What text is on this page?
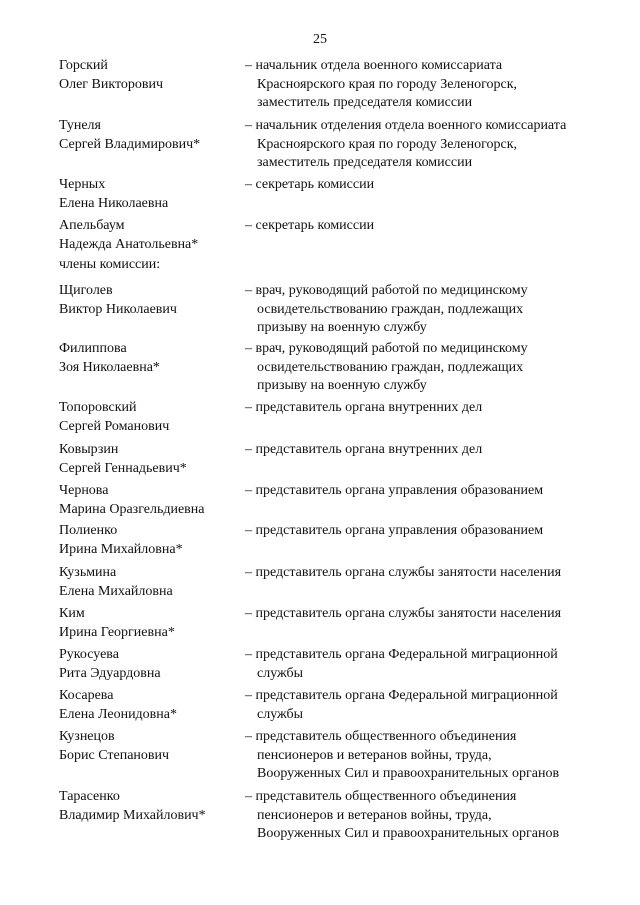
25
члены комиссии:
Горский
Олег Викторович
– начальник отдела военного комиссариата
Красноярского края по городу Зеленогорск,
заместитель председателя комиссии
Тунеля
Сергей Владимирович*
– начальник отделения отдела военного комиссариата
Красноярского края по городу Зеленогорск,
заместитель председателя комиссии
Черных
Елена Николаевна
– секретарь комиссии
Апельбаум
Надежда Анатольевна*
– секретарь комиссии
Щиголев
Виктор Николаевич
– врач, руководящий работой по медицинскому
освидетельствованию граждан, подлежащих
призыву на военную службу
Филиппова
Зоя Николаевна*
– врач, руководящий работой по медицинскому
освидетельствованию граждан, подлежащих
призыву на военную службу
Топоровский
Сергей Романович
– представитель органа внутренних дел
Ковырзин
Сергей Геннадьевич*
– представитель органа внутренних дел
Чернова
Марина Оразгельдиевна
– представитель органа управления образованием
Полиенко
Ирина Михайловна*
– представитель органа управления образованием
Кузьмина
Елена Михайловна
– представитель органа службы занятости населения
Ким
Ирина Георгиевна*
– представитель органа службы занятости населения
Рукосуева
Рита Эдуардовна
– представитель органа Федеральной миграционной
службы
Косарева
Елена Леонидовна*
– представитель органа Федеральной миграционной
службы
Кузнецов
Борис Степанович
– представитель общественного объединения
пенсионеров и ветеранов войны, труда,
Вооруженных Сил и правоохранительных органов
Тарасенко
Владимир Михайлович*
– представитель общественного объединения
пенсионеров и ветеранов войны, труда,
Вооруженных Сил и правоохранительных органов
